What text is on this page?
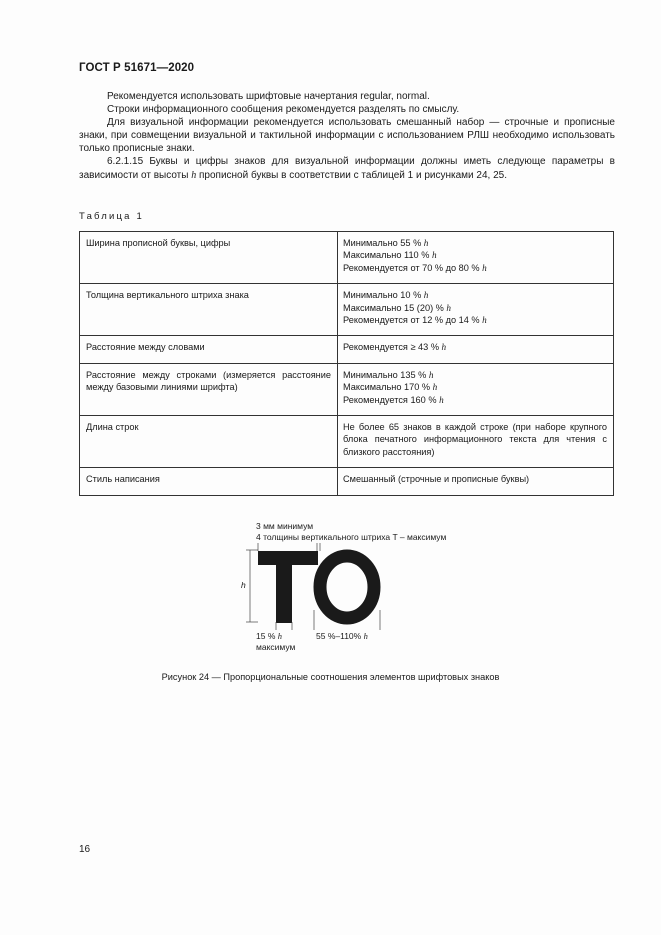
ГОСТ Р 51671—2020

Рекомендуется использовать шрифтовые начертания regular, normal.

Строки информационного сообщения рекомендуется разделять по смыслу.

Для визуальной информации рекомендуется использовать смешанный набор — строчные и прописные знаки, при совмещении визуальной и тактильной информации с использованием РЛШ необходимо использовать только прописные знаки.

6.2.1.15 Буквы и цифры знаков для визуальной информации должны иметь следующе параметры в зависимости от высоты h прописной буквы в соответствии с таблицей 1 и рисунками 24, 25.

Таблица 1
Ширина прописной буквы, цифры	Минимально 55 % h
Максимально 110 % h
Рекомендуется от 70 % до 80 % h

Толщина вертикального штриха знака	Минимально 10 % h
Максимально 15 (20) % h
Рекомендуется от 12 % до 14 % h

Расстояние между словами	Рекомендуется ≥ 43 % h

Расстояние между строками (измеряется расстояние между базовыми линиями шрифта)	Минимально 135 % h
Максимально 170 % h
Рекомендуется 160 % h

Длина строк	Не более 65 знаков в каждой строке (при наборе крупного блока печатного информационного текста для чтения с близкого расстояния)

Стиль написания	Смешанный (строчные и прописные буквы)
3 мм минимум
4 толщины вертикального штриха T – максимум
h
15 % h
максимум
55 %–110% h
Рисунок 24 — Пропорциональные соотношения элементов шрифтовых знаков
16
